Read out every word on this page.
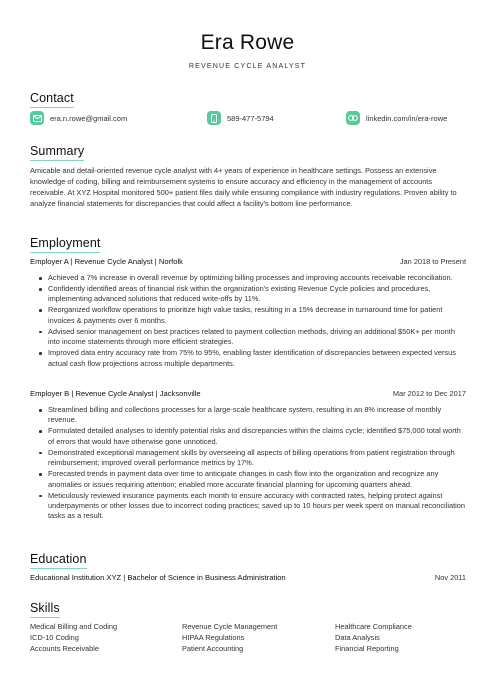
Era Rowe
REVENUE CYCLE ANALYST
Contact
era.n.rowe@gmail.com	589-477-5794	linkedin.com/in/era-rowe
Summary

Amicable and detail-oriented revenue cycle analyst with 4+ years of experience in healthcare settings. Possess an extensive knowledge of coding, billing and reimbursement systems to ensure accuracy and efficiency in the management of accounts receivable. At XYZ Hospital monitored 500+ patient files daily while ensuring compliance with industry regulations. Proven ability to analyze financial statements for discrepancies that could affect a facility's bottom line performance.

Employment
Employer A | Revenue Cycle Analyst | Norfolk	Jan 2018 to Present
Achieved a 7% increase in overall revenue by optimizing billing processes and improving accounts receivable reconciliation.
Confidently identified areas of financial risk within the organization's existing Revenue Cycle policies and procedures, implementing advanced solutions that reduced write-offs by 11%.
Reorganized workflow operations to prioritize high value tasks, resulting in a 15% decrease in turnaround time for patient invoices & payments over 6 months.
Advised senior management on best practices related to payment collection methods, driving an additional $50K+ per month into income statements through more efficient strategies.
Improved data entry accuracy rate from 75% to 95%, enabling faster identification of discrepancies between expected versus actual cash flow projections across multiple departments.
Employer B | Revenue Cycle Analyst | Jacksonville	Mar 2012 to Dec 2017
Streamlined billing and collections processes for a large-scale healthcare system, resulting in an 8% increase of monthly revenue.
Formulated detailed analyses to identify potential risks and discrepancies within the claims cycle; identified $75,000 total worth of errors that would have otherwise gone unnoticed.
Demonstrated exceptional management skills by overseeing all aspects of billing operations from patient registration through reimbursement; improved overall performance metrics by 17%.
Forecasted trends in payment data over time to anticipate changes in cash flow into the organization and recognize any anomalies or issues requiring attention; enabled more accurate financial planning for upcoming quarters ahead.
Meticulously reviewed insurance payments each month to ensure accuracy with contracted rates, helping protect against underpayments or other losses due to incorrect coding practices; saved up to 10 hours per week spent on manual reconciliation tasks as a result.
Education
Educational Institution XYZ | Bachelor of Science in Business Administration	Nov 2011
Skills
Medical Billing and Coding	Revenue Cycle Management	Healthcare Compliance
ICD-10 Coding	HIPAA Regulations	Data Analysis
Accounts Receivable	Patient Accounting	Financial Reporting
